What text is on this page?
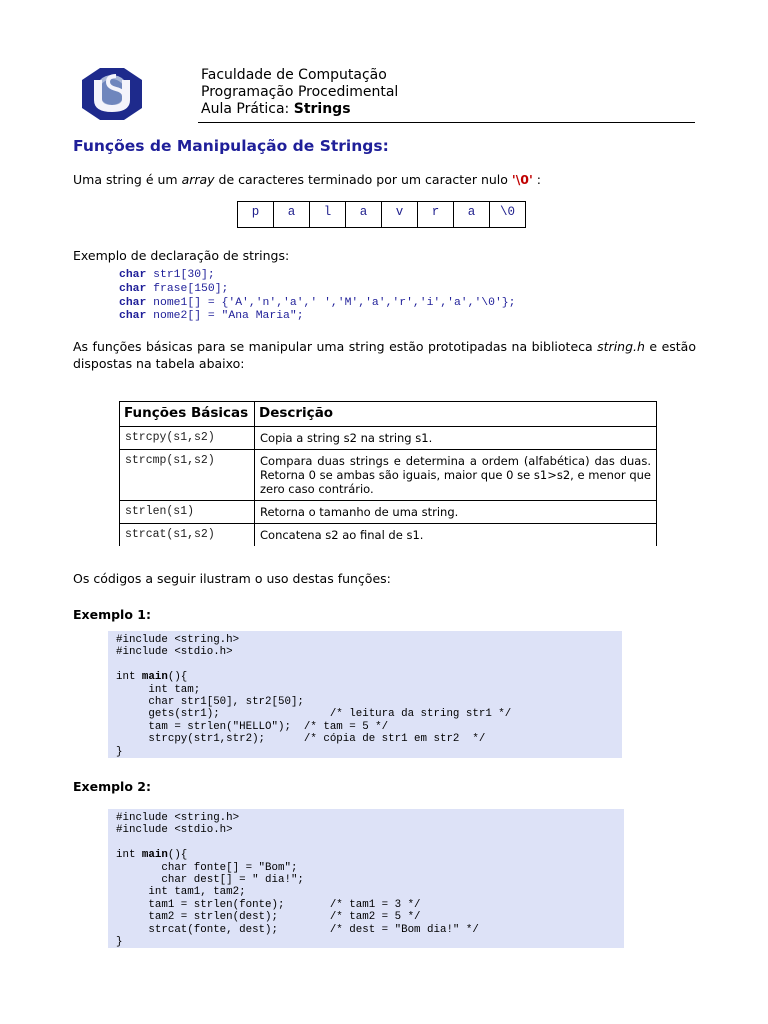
Faculdade de Computação
Programação Procedimental
Aula Prática: Strings
Funções de Manipulação de Strings:
Uma string é um array de caracteres terminado por um caracter nulo '\0' :
p	a	l	a	v	r	a	\0
Exemplo de declaração de strings:
char str1[30];
char frase[150];
char nome1[] = {'A','n','a',' ','M','a','r','i','a','\0'};
char nome2[] = "Ana Maria";
As funções básicas para se manipular uma string estão prototipadas na biblioteca string.h e estão dispostas na tabela abaixo:
Funções Básicas	Descrição
strcpy(s1,s2)	Copia a string s2 na string s1.
strcmp(s1,s2)	Compara duas strings e determina a ordem (alfabética) das duas. Retorna 0 se ambas são iguais, maior que 0 se s1>s2, e menor que zero caso contrário.
strlen(s1)	Retorna o tamanho de uma string.
strcat(s1,s2)	Concatena s2 ao final de s1.
Os códigos a seguir ilustram o uso destas funções:
Exemplo 1:
#include <string.h>
#include <stdio.h>

int main(){
int tam;
char str1[50], str2[50];
gets(str1);                 /* leitura da string str1 */
tam = strlen("HELLO");  /* tam = 5 */
strcpy(str1,str2);      /* cópia de str1 em str2  */
}
Exemplo 2:
#include <string.h>
#include <stdio.h>

int main(){
char fonte[] = "Bom";
char dest[] = " dia!";
int tam1, tam2;
tam1 = strlen(fonte);       /* tam1 = 3 */
tam2 = strlen(dest);        /* tam2 = 5 */
strcat(fonte, dest);        /* dest = "Bom dia!" */
}
